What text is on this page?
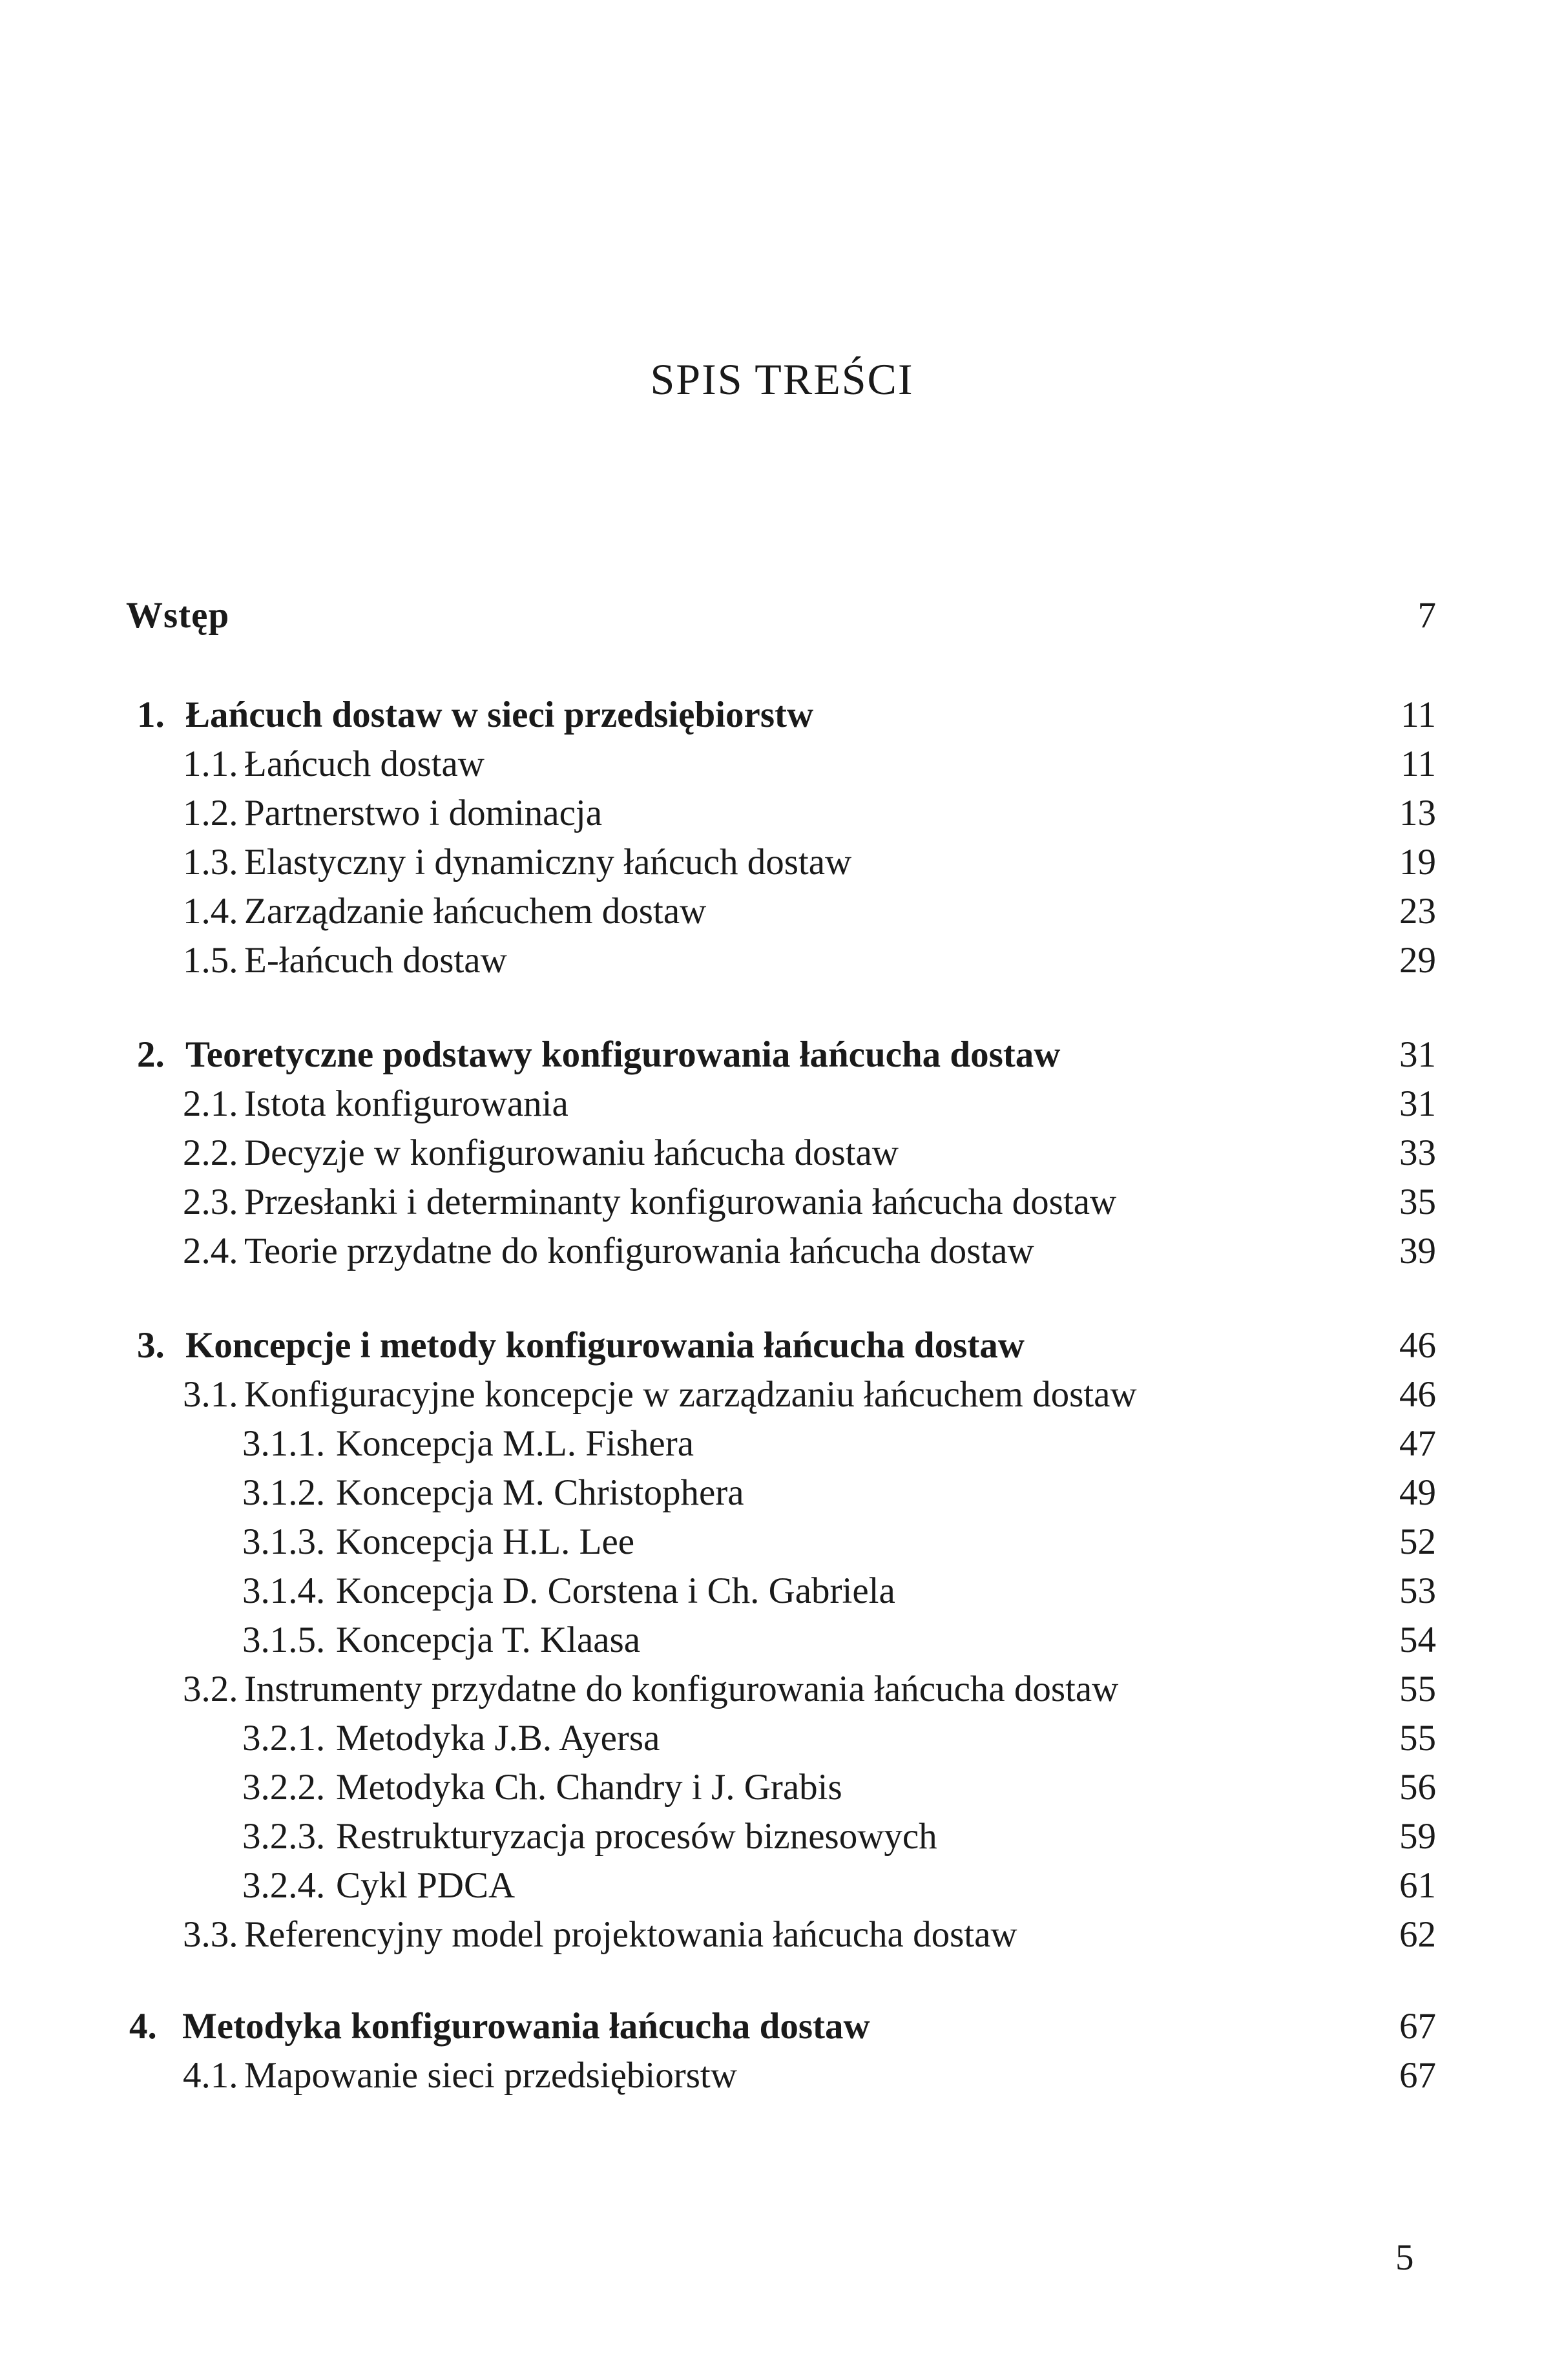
SPIS TREŚCI
Wstęp	7
1. Łańcuch dostaw w sieci przedsiębiorstw	11
1.1. Łańcuch dostaw	11
1.2. Partnerstwo i dominacja	13
1.3. Elastyczny i dynamiczny łańcuch dostaw	19
1.4. Zarządzanie łańcuchem dostaw	23
1.5. E-łańcuch dostaw	29
2. Teoretyczne podstawy konfigurowania łańcucha dostaw	31
2.1. Istota konfigurowania	31
2.2. Decyzje w konfigurowaniu łańcucha dostaw	33
2.3. Przesłanki i determinanty konfigurowania łańcucha dostaw	35
2.4. Teorie przydatne do konfigurowania łańcucha dostaw	39
3. Koncepcje i metody konfigurowania łańcucha dostaw	46
3.1. Konfiguracyjne koncepcje w zarządzaniu łańcuchem dostaw	46
3.1.1. Koncepcja M.L. Fishera	47
3.1.2. Koncepcja M. Christophera	49
3.1.3. Koncepcja H.L. Lee	52
3.1.4. Koncepcja D. Corstena i Ch. Gabriela	53
3.1.5. Koncepcja T. Klaasa	54
3.2. Instrumenty przydatne do konfigurowania łańcucha dostaw	55
3.2.1. Metodyka J.B. Ayersa	55
3.2.2. Metodyka Ch. Chandry i J. Grabis	56
3.2.3. Restrukturyzacja procesów biznesowych	59
3.2.4. Cykl PDCA	61
3.3. Referencyjny model projektowania łańcucha dostaw	62
4. Metodyka konfigurowania łańcucha dostaw	67
4.1. Mapowanie sieci przedsiębiorstw	67
5
